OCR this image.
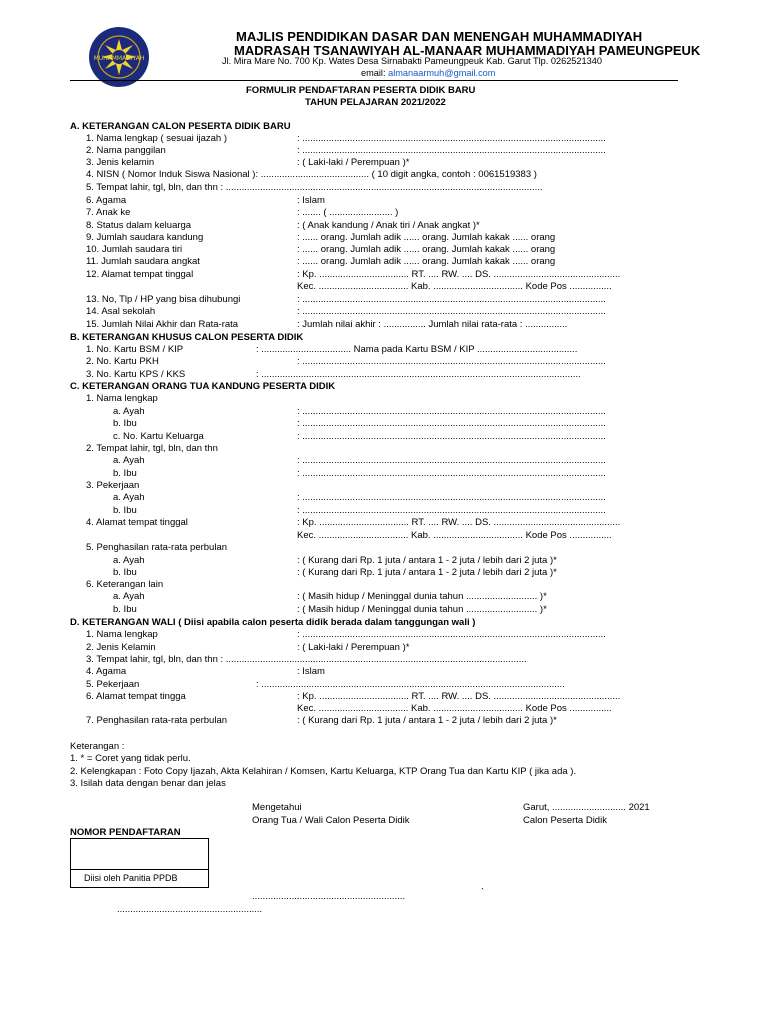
MUHAMMADIYAH
MAJLIS PENDIDIKAN DASAR DAN MENENGAH MUHAMMADIYAH
MADRASAH TSANAWIYAH AL-MANAAR MUHAMMADIYAH PAMEUNGPEUK
Jl. Mira Mare No. 700 Kp. Wates Desa Sirnabakti Pameungpeuk Kab. Garut Tlp. 0262521340
email: almanaarmuh@gmail.com
FORMULIR PENDAFTARAN PESERTA DIDIK BARU
TAHUN PELAJARAN 2021/2022
A. KETERANGAN CALON PESERTA DIDIK BARU
1. Nama lengkap ( sesuai ijazah )	: ...................................................................................................................
2. Nama panggilan	: ...................................................................................................................
3. Jenis kelamin	: ( Laki-laki / Perempuan )*
4. NISN ( Nomor Induk Siswa Nasional ): ......................................... ( 10 digit angka, contoh : 0061519383 )
5. Tempat lahir, tgl, bln, dan thn : ........................................................................................................................
6. Agama	: Islam
7. Anak ke	: ....... ( ........................ )
8. Status dalam keluarga	: ( Anak kandung / Anak tiri / Anak angkat )*
9. Jumlah saudara kandung	: ...... orang. Jumlah adik ...... orang. Jumlah kakak ...... orang
10. Jumlah saudara tiri	: ...... orang. Jumlah adik ...... orang. Jumlah kakak ...... orang
11. Jumlah saudara angkat	: ...... orang. Jumlah adik ...... orang. Jumlah kakak ...... orang
12. Alamat tempat tinggal	: Kp. .................................. RT. .... RW. .... DS. ................................................
Kec. .................................. Kab. .................................. Kode Pos ................
13. No, Tlp / HP yang bisa dihubungi	: ...................................................................................................................
14. Asal sekolah	: ...................................................................................................................
15. Jumlah Nilai Akhir dan Rata-rata	: Jumlah nilai akhir : ................ Jumlah nilai rata-rata : ................
B. KETERANGAN KHUSUS CALON PESERTA DIDIK
1. No. Kartu BSM / KIP	: .................................. Nama pada Kartu BSM / KIP ......................................
2. No. Kartu PKH	: ...................................................................................................................
3. No. Kartu KPS / KKS	: .........................................................................................................................
C. KETERANGAN ORANG TUA KANDUNG PESERTA DIDIK
1. Nama lengkap
a. Ayah	: ...................................................................................................................
b. Ibu	: ...................................................................................................................
c. No. Kartu Keluarga	: ...................................................................................................................
2. Tempat lahir, tgl, bln, dan thn
a. Ayah	: ...................................................................................................................
b. Ibu	: ...................................................................................................................
3. Pekerjaan
a. Ayah	: ...................................................................................................................
b. Ibu	: ...................................................................................................................
4. Alamat tempat tinggal	: Kp. .................................. RT. .... RW. .... DS. ................................................
Kec. .................................. Kab. .................................. Kode Pos ................
5. Penghasilan rata-rata perbulan
a. Ayah	: ( Kurang dari Rp. 1 juta / antara 1 - 2 juta / lebih dari 2 juta )*
b. Ibu	: ( Kurang dari Rp. 1 juta / antara 1 - 2 juta / lebih dari 2 juta )*
6. Keterangan lain
a. Ayah	: ( Masih hidup / Meninggal dunia tahun ........................... )*
b. Ibu	: ( Masih hidup / Meninggal dunia tahun ........................... )*
D. KETERANGAN WALI ( Diisi apabila calon peserta didik berada dalam tanggungan wali )
1. Nama lengkap	: ...................................................................................................................
2. Jenis Kelamin	: ( Laki-laki / Perempuan )*
3. Tempat lahir, tgl, bln, dan thn : ..................................................................................................................
4. Agama	: Islam
5. Pekerjaan	: ...................................................................................................................
6. Alamat tempat tingga	: Kp. .................................. RT. .... RW. .... DS. ................................................
Kec. .................................. Kab. .................................. Kode Pos ................
7. Penghasilan rata-rata perbulan	: ( Kurang dari Rp. 1 juta / antara 1 - 2 juta / lebih dari 2 juta )*
Keterangan :
1. * = Coret yang tidak perlu.
2. Kelengkapan : Foto Copy Ijazah, Akta Kelahiran / Komsen, Kartu Keluarga, KTP Orang Tua dan Kartu KIP ( jika ada ).
3. Isilah data dengan benar dan jelas
Mengetahui
Orang Tua / Wali Calon Peserta Didik
Garut, ............................ 2021
Calon Peserta Didik
NOMOR PENDAFTARAN
Diisi oleh Panitia PPDB
..........................................................	`
.......................................................
